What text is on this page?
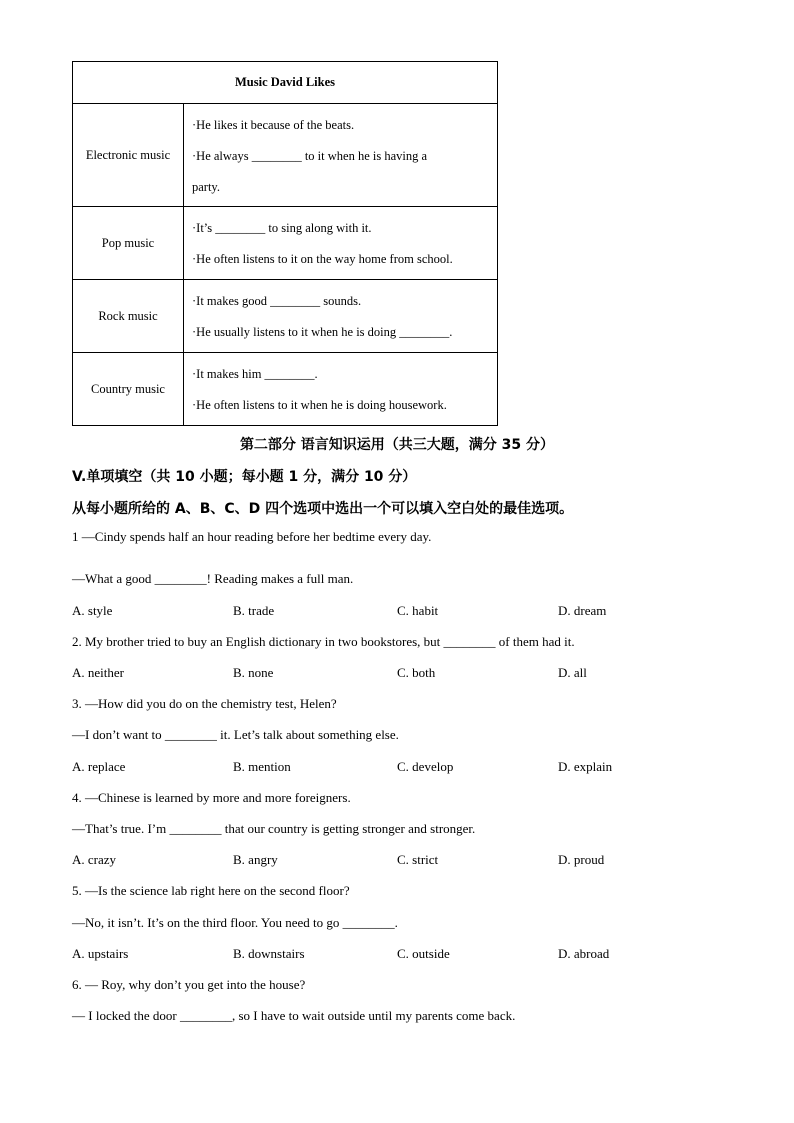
Music David Likes	
Electronic music	·He likes it because of the beats.
·He always ________ to it when he is having a
party.

Pop music	·It’s ________ to sing along with it.
·He often listens to it on the way home from school.

Rock music	·It makes good ________ sounds.
·He usually listens to it when he is doing ________.

Country music	·It makes him ________.
·He often listens to it when he is doing housework.
第二部分 语言知识运用（共三大题，满分 35 分）
V.单项填空（共 10 小题；每小题 1 分，满分 10 分）
从每小题所给的 A、B、C、D 四个选项中选出一个可以填入空白处的最佳选项。
1 —Cindy spends half an hour reading before her bedtime every day.
—What a good ________! Reading makes a full man.
A. style	B. trade	C. habit	D. dream
2. My brother tried to buy an English dictionary in two bookstores, but ________ of them had it.
A. neither	B. none	C. both	D. all
3. —How did you do on the chemistry test, Helen?
—I don’t want to ________ it. Let’s talk about something else.
A. replace	B. mention	C. develop	D. explain
4. —Chinese is learned by more and more foreigners.
—That’s true. I’m ________ that our country is getting stronger and stronger.
A. crazy	B. angry	C. strict	D. proud
5. —Is the science lab right here on the second floor?
—No, it isn’t. It’s on the third floor. You need to go ________.
A. upstairs	B. downstairs	C. outside	D. abroad
6. — Roy, why don’t you get into the house?
— I locked the door ________, so I have to wait outside until my parents come back.
